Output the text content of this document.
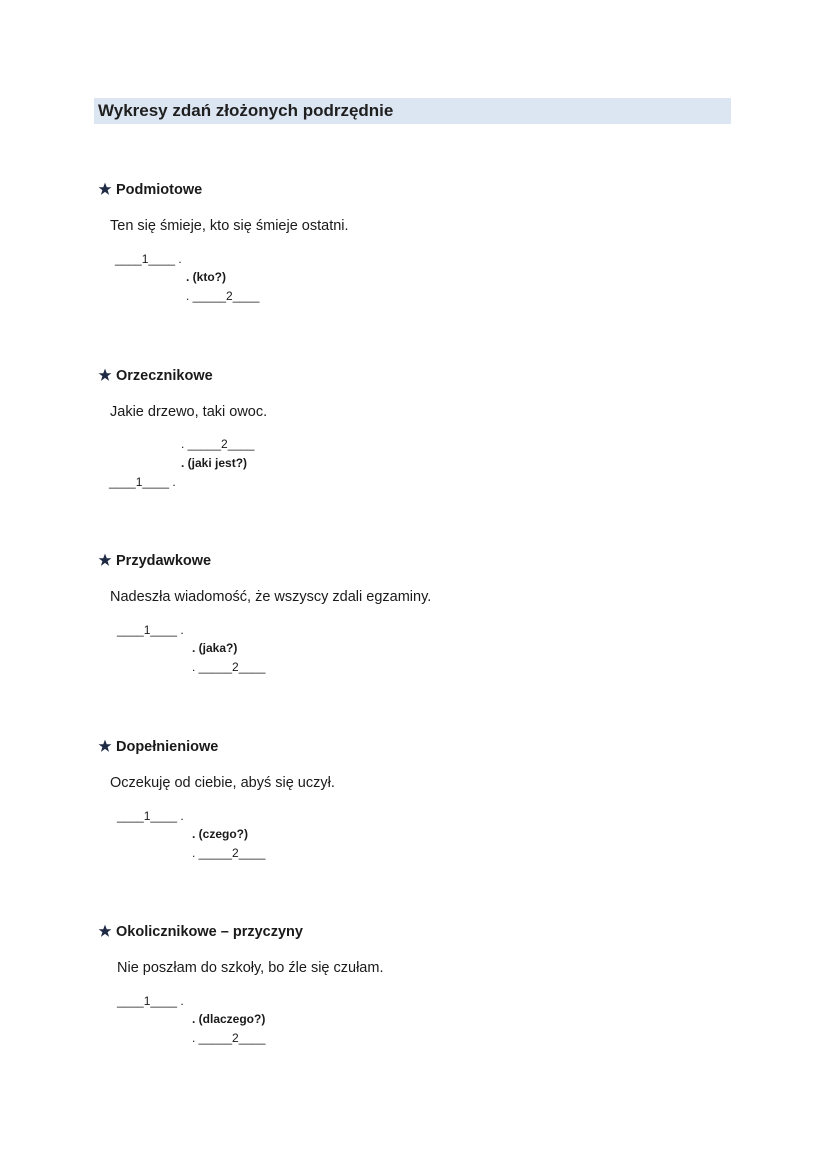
Wykresy zdań złożonych podrzędnie
Podmiotowe
Ten się śmieje, kto się śmieje ostatni.
____1____ .
. (kto?)
. _____2____
Orzecznikowe
Jakie drzewo, taki owoc.
. _____2____
. (jaki jest?)
____1____ .
Przydawkowe
Nadeszła wiadomość, że wszyscy zdali egzaminy.
____1____ .
. (jaka?)
. _____2____
Dopełnieniowe
Oczekuję od ciebie, abyś się uczył.
____1____ .
. (czego?)
. _____2____
Okolicznikowe – przyczyny
Nie poszłam do szkoły, bo źle się czułam.
____1____ .
. (dlaczego?)
. _____2____
